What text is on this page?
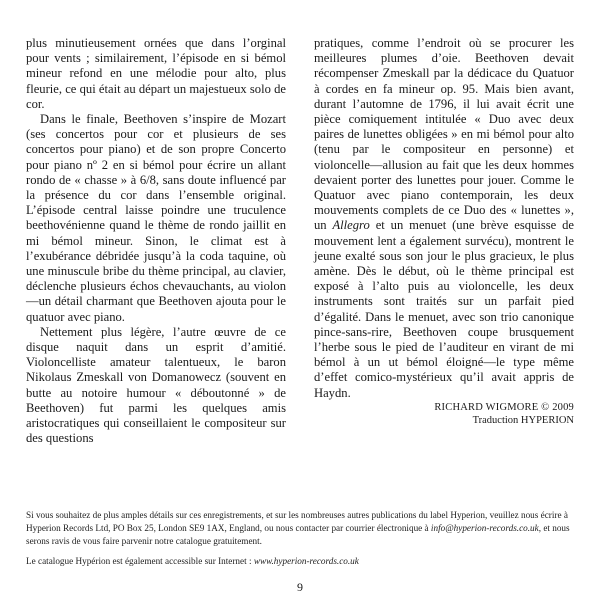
plus minutieusement ornées que dans l’orginal pour vents ; similairement, l’épisode en si bémol mineur refond en une mélodie pour alto, plus fleurie, ce qui était au départ un majestueux solo de cor.

Dans le finale, Beethoven s’inspire de Mozart (ses concertos pour cor et plusieurs de ses concertos pour piano) et de son propre Concerto pour piano nº 2 en si bémol pour écrire un allant rondo de « chasse » à 6/8, sans doute influencé par la présence du cor dans l’ensemble original. L’épisode central laisse poindre une truculence beethovénienne quand le thème de rondo jaillit en mi bémol mineur. Sinon, le climat est à l’exubérance débridée jusqu’à la coda taquine, où une minuscule bribe du thème principal, au clavier, déclenche plusieurs échos chevauchants, au violon—un détail charmant que Beethoven ajouta pour le quatuor avec piano.

Nettement plus légère, l’autre œuvre de ce disque naquit dans un esprit d’amitié. Violoncelliste amateur talentueux, le baron Nikolaus Zmeskall von Domanowecz (souvent en butte au notoire humour « déboutonné » de Beethoven) fut parmi les quelques amis aristocratiques qui conseillaient le compositeur sur des questions

pratiques, comme l’endroit où se procurer les meilleures plumes d’oie. Beethoven devait récompenser Zmeskall par la dédicace du Quatuor à cordes en fa mineur op. 95. Mais bien avant, durant l’automne de 1796, il lui avait écrit une pièce comiquement intitulée « Duo avec deux paires de lunettes obligées » en mi bémol pour alto (tenu par le compositeur en personne) et violoncelle—allusion au fait que les deux hommes devaient porter des lunettes pour jouer. Comme le Quatuor avec piano contemporain, les deux mouvements complets de ce Duo des « lunettes », un Allegro et un menuet (une brève esquisse de mouvement lent a également survécu), montrent le jeune exalté sous son jour le plus gracieux, le plus amène. Dès le début, où le thème principal est exposé à l’alto puis au violoncelle, les deux instruments sont traités sur un parfait pied d’égalité. Dans le menuet, avec son trio canonique pince-sans-rire, Beethoven coupe brusquement l’herbe sous le pied de l’auditeur en virant de mi bémol à un ut bémol éloigné—le type même d’effet comico-mystérieux qu’il avait appris de Haydn.

RICHARD WIGMORE © 2009

Traduction HYPERION

Si vous souhaitez de plus amples détails sur ces enregistrements, et sur les nombreuses autres publications du label Hyperion, veuillez nous écrire à Hyperion Records Ltd, PO Box 25, London SE9 1AX, England, ou nous contacter par courrier électronique à info@hyperion-records.co.uk, et nous serons ravis de vous faire parvenir notre catalogue gratuitement.

Le catalogue Hypérion est également accessible sur Internet : www.hyperion-records.co.uk

9
